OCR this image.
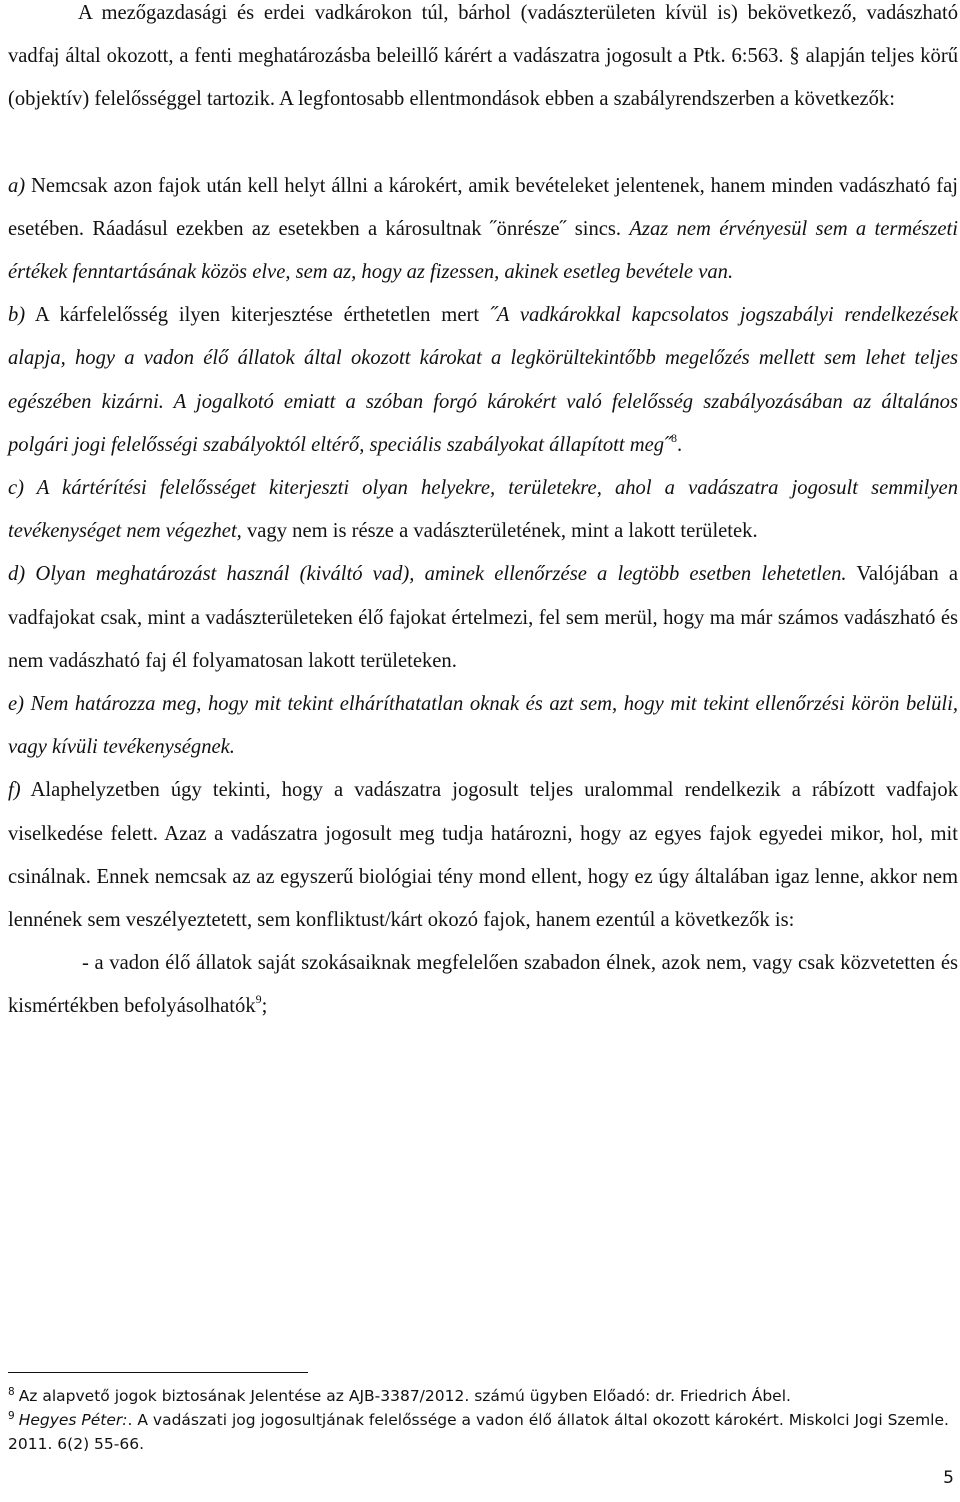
A mezőgazdasági és erdei vadkárokon túl, bárhol (vadászterületen kívül is) bekövetkező, vadászható vadfaj által okozott, a fenti meghatározásba beleillő kárért a vadászatra jogosult a Ptk. 6:563. § alapján teljes körű (objektív) felelősséggel tartozik. A legfontosabb ellentmondások ebben a szabályrendszerben a következők:

a) Nemcsak azon fajok után kell helyt állni a károkért, amik bevételeket jelentenek, hanem minden vadászható faj esetében. Ráadásul ezekben az esetekben a károsultnak ˝önrésze˝ sincs. Azaz nem érvényesül sem a természeti értékek fenntartásának közös elve, sem az, hogy az fizessen, akinek esetleg bevétele van.

b) A kárfelelősség ilyen kiterjesztése érthetetlen mert ˝A vadkárokkal kapcsolatos jogszabályi rendelkezések alapja, hogy a vadon élő állatok által okozott károkat a legkörültekintőbb megelőzés mellett sem lehet teljes egészében kizárni. A jogalkotó emiatt a szóban forgó károkért való felelősség szabályozásában az általános polgári jogi felelősségi szabályoktól eltérő, speciális szabályokat állapított meg˝$^8$.

c) A kártérítési felelősséget kiterjeszti olyan helyekre, területekre, ahol a vadászatra jogosult semmilyen tevékenységet nem végezhet, vagy nem is része a vadászterületének, mint a lakott területek.

d) Olyan meghatározást használ (kiváltó vad), aminek ellenőrzése a legtöbb esetben lehetetlen. Valójában a vadfajokat csak, mint a vadászterületeken élő fajokat értelmezi, fel sem merül, hogy ma már számos vadászható és nem vadászható faj él folyamatosan lakott területeken.

e) Nem határozza meg, hogy mit tekint elháríthatatlan oknak és azt sem, hogy mit tekint ellenőrzési körön belüli, vagy kívüli tevékenységnek.

f) Alaphelyzetben úgy tekinti, hogy a vadászatra jogosult teljes uralommal rendelkezik a rábízott vadfajok viselkedése felett. Azaz a vadászatra jogosult meg tudja határozni, hogy az egyes fajok egyedei mikor, hol, mit csinálnak. Ennek nemcsak az az egyszerű biológiai tény mond ellent, hogy ez úgy általában igaz lenne, akkor nem lennének sem veszélyeztetett, sem konfliktust/kárt okozó fajok, hanem ezentúl a következők is:

- a vadon élő állatok saját szokásaiknak megfelelően szabadon élnek, azok nem, vagy csak közvetetten és kismértékben befolyásolhatók$^9$;

$^8$ Az alapvető jogok biztosának Jelentése az AJB-3387/2012. számú ügyben Előadó: dr. Friedrich Ábel.

$^9$ Hegyes Péter:. A vadászati jog jogosultjának felelőssége a vadon élő állatok által okozott károkért. Miskolci Jogi Szemle. 2011. 6(2) 55-66.

5
